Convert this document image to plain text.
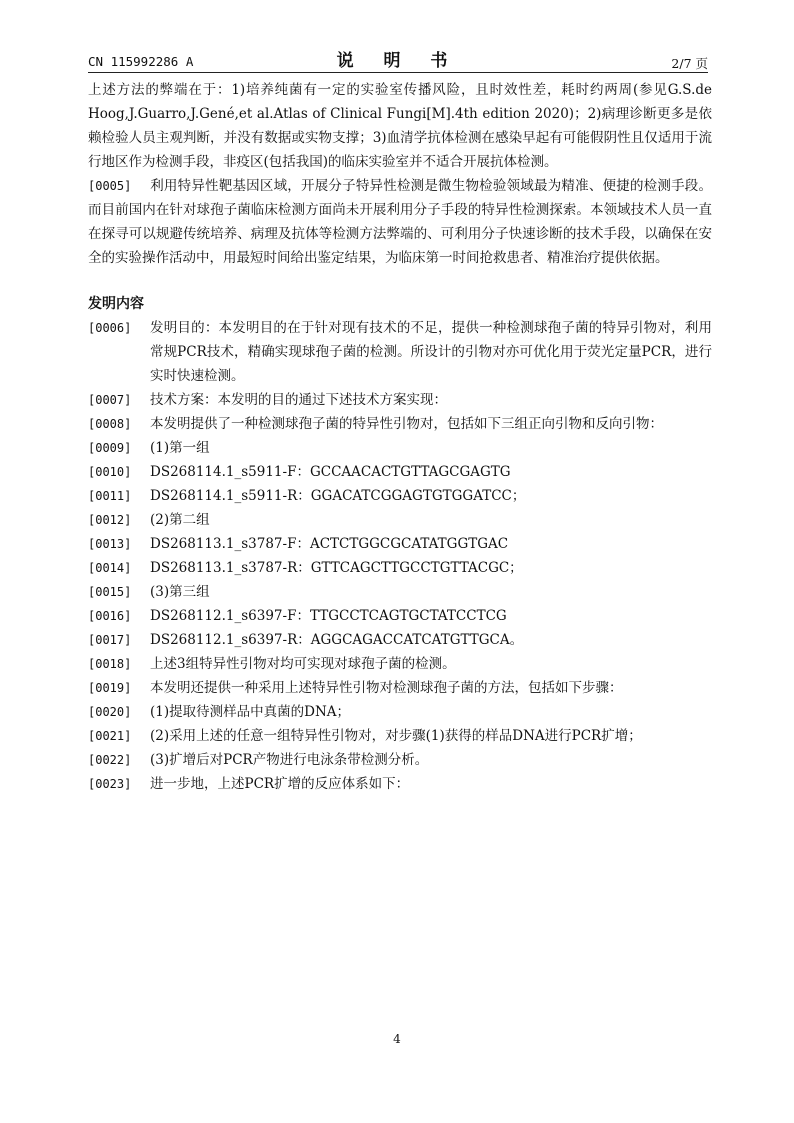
CN 115992286 A	说 明 书	2/7 页

上述方法的弊端在于：1)培养纯菌有一定的实验室传播风险，且时效性差，耗时约两周(参见G.S.de Hoog,J.Guarro,J.Gené,et al.Atlas of Clinical Fungi[M].4th edition 2020)；2)病理诊断更多是依赖检验人员主观判断，并没有数据或实物支撑；3)血清学抗体检测在感染早起有可能假阴性且仅适用于流行地区作为检测手段，非疫区(包括我国)的临床实验室并不适合开展抗体检测。

[0005] 利用特异性靶基因区域，开展分子特异性检测是微生物检验领域最为精准、便捷的检测手段。而目前国内在针对球孢子菌临床检测方面尚未开展利用分子手段的特异性检测探索。本领域技术人员一直在探寻可以规避传统培养、病理及抗体等检测方法弊端的、可利用分子快速诊断的技术手段，以确保在安全的实验操作活动中，用最短时间给出鉴定结果，为临床第一时间抢救患者、精准治疗提供依据。

发明内容
[0006]	发明目的：本发明目的在于针对现有技术的不足，提供一种检测球孢子菌的特异引物对，利用常规PCR技术，精确实现球孢子菌的检测。所设计的引物对亦可优化用于荧光定量PCR，进行实时快速检测。
[0007]	技术方案：本发明的目的通过下述技术方案实现：
[0008]	本发明提供了一种检测球孢子菌的特异性引物对，包括如下三组正向引物和反向引物：
[0009]	(1)第一组
[0010]	DS268114.1_s5911-F：GCCAACACTGTTAGCGAGTG
[0011]	DS268114.1_s5911-R：GGACATCGGAGTGTGGATCC；
[0012]	(2)第二组
[0013]	DS268113.1_s3787-F：ACTCTGGCGCATATGGTGAC
[0014]	DS268113.1_s3787-R：GTTCAGCTTGCCTGTTACGC；
[0015]	(3)第三组
[0016]	DS268112.1_s6397-F：TTGCCTCAGTGCTATCCTCG
[0017]	DS268112.1_s6397-R：AGGCAGACCATCATGTTGCA。
[0018]	上述3组特异性引物对均可实现对球孢子菌的检测。
[0019]	本发明还提供一种采用上述特异性引物对检测球孢子菌的方法，包括如下步骤：
[0020]	(1)提取待测样品中真菌的DNA；
[0021]	(2)采用上述的任意一组特异性引物对，对步骤(1)获得的样品DNA进行PCR扩增；
[0022]	(3)扩增后对PCR产物进行电泳条带检测分析。
[0023]	进一步地，上述PCR扩增的反应体系如下：
4
